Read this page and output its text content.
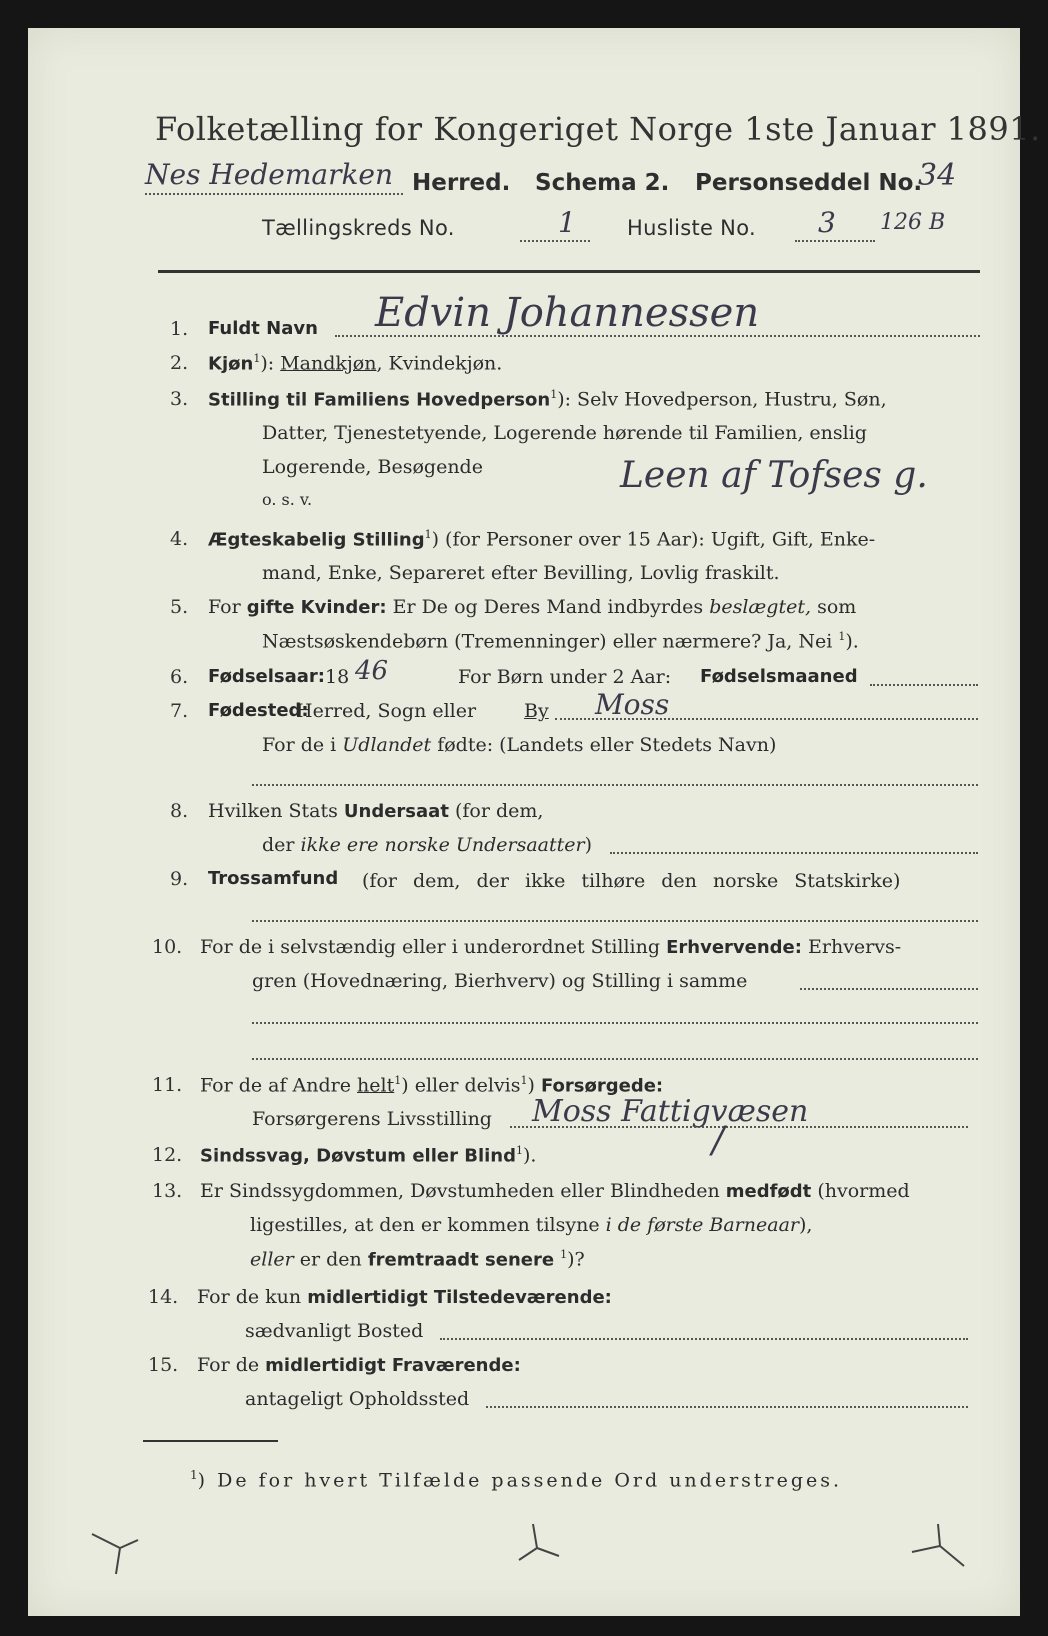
Folketælling for Kongeriget Norge 1ste Januar 1891.
Nes Hedemarken Herred. Schema 2. Personseddel No.
34
Tællingskreds No.	1 Husliste No. 3 126 B
1. Fuldt Navn Edvin Johannessen
2. Kjøn$^1$): Mandkjøn, Kvindekjøn.
3. Stilling til Familiens Hovedperson$^1$): Selv Hovedperson, Hustru, Søn,
Datter, Tjenestetyende, Logerende hørende til Familien, enslig
Logerende, Besøgende
o. s. v.
Leen af Tofses g.
4. Ægteskabelig Stilling$^1$) (for Personer over 15 Aar): Ugift, Gift, Enke-
mand, Enke, Separeret efter Bevilling, Lovlig fraskilt.
5. For gifte Kvinder: Er De og Deres Mand indbyrdes beslægtet, som
Næstsøskendebørn (Tremenninger) eller nærmere? Ja, Nei $^1$).
6. Fødselsaar: 18 46	For Børn under 2 Aar: Fødselsmaaned
7. Fødested:
Herred, Sogn eller	By Moss
For de i Udlandet fødte: (Landets eller Stedets Navn)
8. Hvilken Stats Undersaat (for dem,
der ikke ere norske Undersaatter)
9. Trossamfund (for dem, der ikke tilhøre den norske Statskirke)
10. For de i selvstændig eller i underordnet Stilling Erhvervende: Erhvervs-
gren (Hovednæring, Bierhverv) og Stilling i samme
11. For de af Andre helt$^1$) eller delvis$^1$) Forsørgede:
Forsørgerens Livsstilling Moss Fattigvæsen
12. Sindssvag, Døvstum eller Blind$^1$).	/
13. Er Sindssygdommen, Døvstumheden eller Blindheden medfødt (hvormed
ligestilles, at den er kommen tilsyne i de første Barneaar),
eller er den fremtraadt senere $^1$)?
14. For de kun midlertidigt Tilstedeværende:
sædvanligt Bosted
15. For de midlertidigt Fraværende:
antageligt Opholdssted
$^1$) De for hvert Tilfælde passende Ord understreges.
